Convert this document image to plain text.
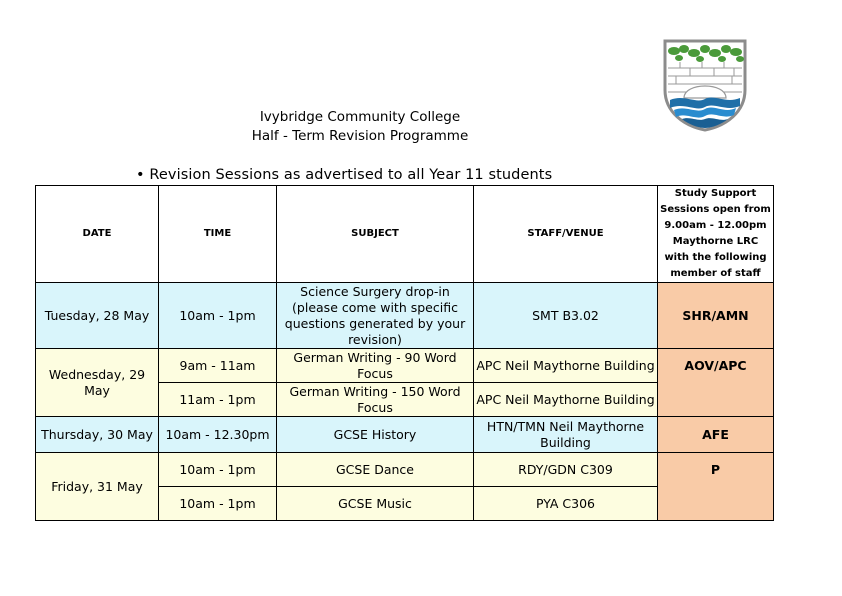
Ivybridge Community College
Half - Term Revision Programme
• Revision Sessions as advertised to all Year 11 students
DATE	TIME	SUBJECT	STAFF/VENUE	Study Support Sessions open from 9.00am - 12.00pm Maythorne LRC with the following member of staff
Tuesday, 28 May	10am - 1pm	Science Surgery drop-in (please come with specific questions generated by your revision)	SMT B3.02	SHR/AMN
Wednesday, 29 May	9am - 11am	German Writing - 90 Word Focus	APC Neil Maythorne Building	AOV/APC
	11am - 1pm	German Writing - 150 Word Focus	APC Neil Maythorne Building	
Thursday, 30 May	10am - 12.30pm	GCSE History	HTN/TMN Neil Maythorne Building	AFE
Friday, 31 May	10am - 1pm	GCSE Dance	RDY/GDN C309	P
	10am - 1pm	GCSE Music	PYA C306	
